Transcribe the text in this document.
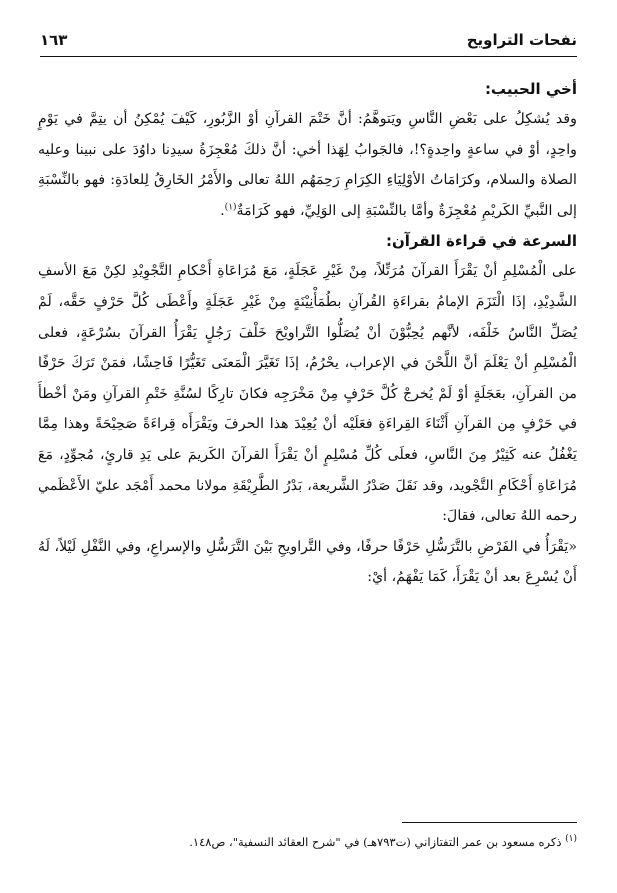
نفحات التراويح
١٦٣

أخي الحبيب:

وقد يُشكِلُ على بَعْضِ النَّاسِ ويَتوهَّمُ: أنَّ خَتْمَ القرآنِ أوْ الزَّبُورِ، كَيْفَ يُمْكِنُ أن يتِمَّ في يَوْمٍ واحِدٍ، أوْ في ساعةٍ واحِدةٍ؟!، فالجَوابُ لِهَذا أخي: أنَّ ذلكَ مُعْجِزَةُ سيدِنا داوُدَ على نبينا وعليه الصلاة والسلام، وكرَامَاتُ الأوْلِيَاءِ الكِرَامِ رَحِمَهُم اللهُ تعالى والأَمْرُ الخَارِقُ لِلعادَةِ: فهو بالنِّسْبَةِ إلى النَّبيِّ الكَريْمِ مُعْجِزَةٌ وأمَّا بالنِّسْبَةِ إلى الوَلِيِّ، فهو كَرَامَةٌ$^{(١)}$.

السرعة في قراءة القرآن:

على الْمُسْلِمِ أنْ يَقْرَأَ القرآنَ مُرَتِّلاً، مِنْ غَيْرِ عَجَلَةٍ، مَعَ مُرَاعَاةِ أَحْكامِ التَّجْوِيْدِ لكِنْ مَعَ الأسفِ الشَّدِيْدِ، إذَا الْتَزَمَ الإمامُ بقراءَةِ القُرآنِ بطُمَأْنِيْنَةٍ مِنْ غَيْرِ عَجَلَةٍ وأَعْطَى كُلَّ حَرْفٍ حَقَّه، لَمْ يُصَلِّ النَّاسُ خَلْفَه، لأنَّهم يُحِبُّوْنَ أنْ يُصَلُّوا التَّراويْحَ خَلْفَ رَجُلٍ يَقْرَأُ القرآنَ بسُرْعَةٍ، فعلى الْمُسْلِمِ أنْ يَعْلَمَ أنَّ اللَّحْنَ في الإعراب، يحْرُمُ، إذَا تَغَيَّرَ الْمَعنَى تَغَيُّرًا فَاحِشًا، فمَنْ تَرَكَ حَرْفًا من القرآنِ، بعَجَلَةٍ أوْ لَمْ يُخرجْ كُلَّ حَرْفٍ مِنْ مَخْرَجِه فكانَ تارِكًا لسُنَّةِ خَتْمِ القرآنِ ومَنْ أخْطأَ في حَرْفٍ مِن القرآنِ أَثْنَاءَ القِراءَةِ فعَلَيْه أنْ يُعِيْدَ هذا الحرفَ ويَقْرَأَه قِراءَةً صَحِيْحَةً وهذا مِمَّا يَغْفُلُ عنه كَثِيْرٌ مِنَ النَّاسِ، فعلَى كُلِّ مُسْلِمٍ أنْ يَقْرَأَ القرآنَ الكَريمَ على يَدِ قارئٍ، مُجوِّدٍ، مَعَ مُرَاعَاةِ أَحْكَامِ التَّجْويد، وقد نَقَلَ صَدْرُ الشَّريعة، بَدْرُ الطَّرِيْقَةِ مولانا محمد أَمْجَد عليّ الأَعْظَمي رحمه اللهُ تعالى، فقالَ:

«يَقْرَأُ في الفَرْضِ بالتَّرَسُّلِ حَرْفًا حرفًا، وفي التَّراويحِ بَيْنَ التَّرَسُّلِ والإسراعِ، وفي النَّفْلِ لَيْلاً، لَهُ أَنْ يُسْرِعَ بعد أنْ يَقْرَأَ، كَمَا يَفْهَمُ، أيْ:

$^{(١)}$ ذكره مسعود بن عمر التفتازاني (ت٧٩٣هـ) في "شرح العقائد النسفية"، ص١٤٨.
